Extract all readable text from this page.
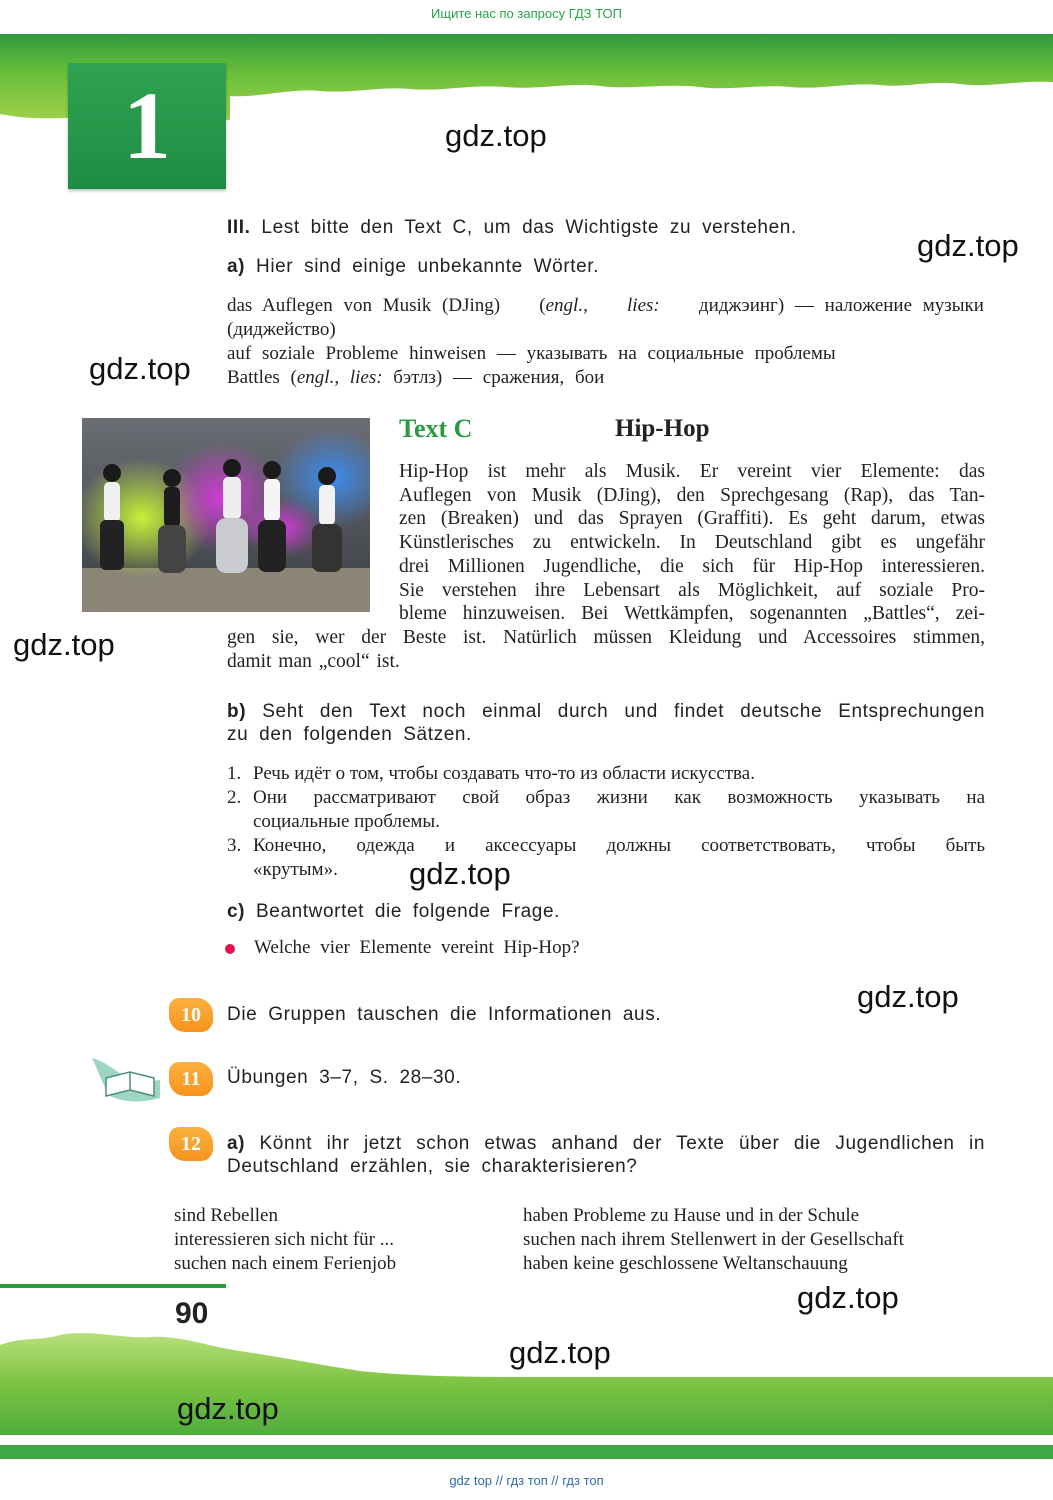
Ищите нас по запросу ГДЗ ТОП
1	gdz.top
gdz.top
gdz.top
gdz.top
gdz.top
gdz.top
gdz.top
gdz.top
gdz.top
III. Lest bitte den Text C, um das Wichtigste zu verstehen.
a) Hier sind einige unbekannte Wörter.
das Auflegen von Musik (DJing) (engl., lies: диджэинг) — наложение музыки
(диджейство)
auf soziale Probleme hinweisen — указывать на социальные проблемы
Battles (engl., lies: бэтлз) — сражения, бои
Text C	Hip-Hop
Hip-Hop ist mehr als Musik. Er vereint vier Elemente: das
Auflegen von Musik (DJing), den Sprechgesang (Rap), das Tan-
zen (Breaken) und das Sprayen (Graffiti). Es geht darum, etwas
Künstlerisches zu entwickeln. In Deutschland gibt es ungefähr
drei Millionen Jugendliche, die sich für Hip-Hop interessieren.
Sie verstehen ihre Lebensart als Möglichkeit, auf soziale Pro-
bleme hinzuweisen. Bei Wettkämpfen, sogenannten „Battles“, zei-
gen sie, wer der Beste ist. Natürlich müssen Kleidung und Accessoires stimmen,
damit man „cool“ ist.
b) Seht den Text noch einmal durch und findet deutsche Entsprechungen
zu den folgenden Sätzen.
1. Речь идёт о том, чтобы создавать что-то из области искусства.
2. Они рассматривают свой образ жизни как возможность указывать на
социальные проблемы.
3. Конечно, одежда и аксессуары должны соответствовать, чтобы быть
«крутым».
c) Beantwortet die folgende Frage.
Welche vier Elemente vereint Hip-Hop?
10	Die Gruppen tauschen die Informationen aus.
11	Übungen 3–7, S. 28–30.
12	a) Könnt ihr jetzt schon etwas anhand der Texte über die Jugendlichen in
Deutschland erzählen, sie charakterisieren?
sind Rebellen
interessieren sich nicht für ...
suchen nach einem Ferienjob
haben Probleme zu Hause und in der Schule
suchen nach ihrem Stellenwert in der Gesellschaft
haben keine geschlossene Weltanschauung
90
gdz top // гдз топ // гдз топ
